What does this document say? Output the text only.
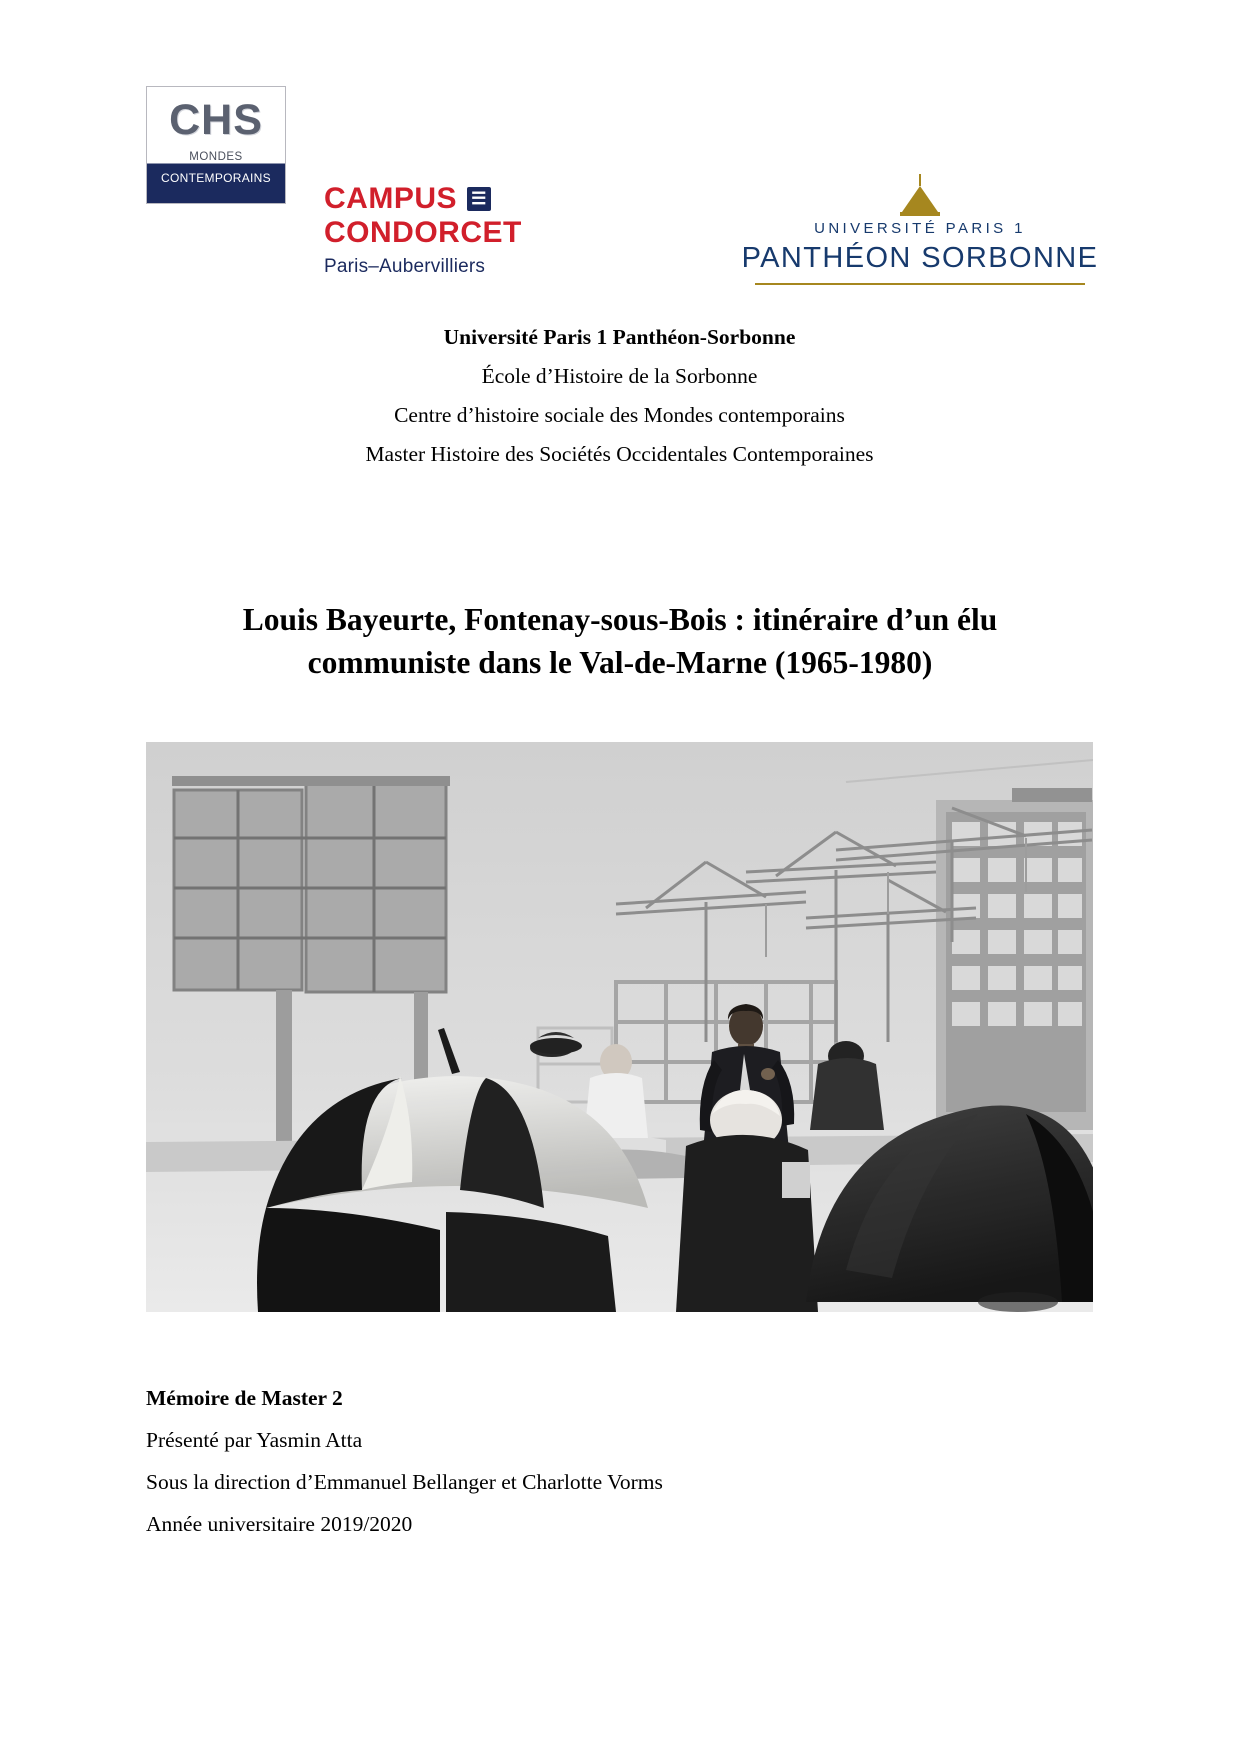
CHS
MONDES
CONTEMPORAINS
CAMPUS ☰
CONDORCET
Paris–Aubervilliers
UNIVERSITÉ PARIS 1
PANTHÉON SORBONNE
Université Paris 1 Panthéon-Sorbonne
École d’Histoire de la Sorbonne
Centre d’histoire sociale des Mondes contemporains
Master Histoire des Sociétés Occidentales Contemporaines
Louis Bayeurte, Fontenay-sous-Bois : itinéraire d’un élu
communiste dans le Val-de-Marne (1965-1980)
Mémoire de Master 2
Présenté par Yasmin Atta
Sous la direction d’Emmanuel Bellanger et Charlotte Vorms
Année universitaire 2019/2020
